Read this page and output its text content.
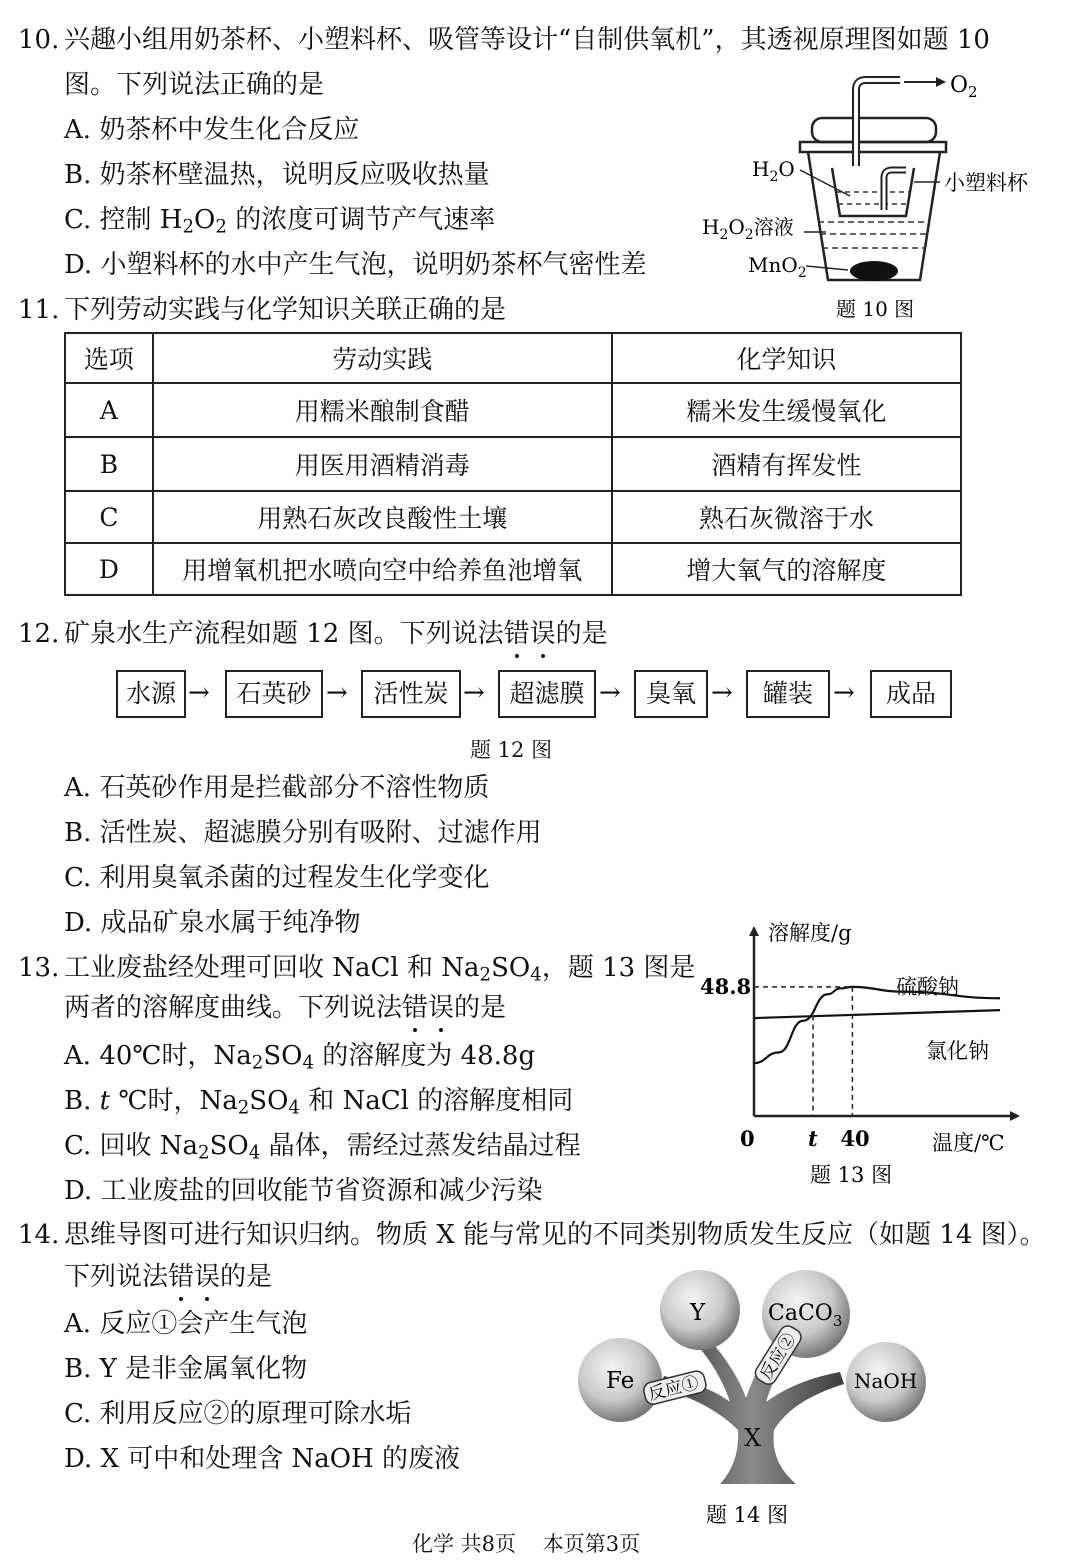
10. 兴趣小组用奶茶杯、小塑料杯、吸管等设计“自制供氧机”，其透视原理图如题 10
图。下列说法正确的是
A. 奶茶杯中发生化合反应
B. 奶茶杯壁温热，说明反应吸收热量
C. 控制 $H_2O_2$ 的浓度可调节产气速率
D. 小塑料杯的水中产生气泡，说明奶茶杯气密性差
$O_2$
$H_2O$
小塑料杯
$H_2O_2$溶液
MnO$_2$
题 10 图
11. 下列劳动实践与化学知识关联正确的是
选项	劳动实践	化学知识
A	用糯米酿制食醋	糯米发生缓慢氧化
B	用医用酒精消毒	酒精有挥发性
C	用熟石灰改良酸性土壤	熟石灰微溶于水
D	用增氧机把水喷向空中给养鱼池增氧	增大氧气的溶解度
12. 矿泉水生产流程如题 12 图。下列说法错误的是
水源 →	石英砂 →	活性炭 → 超滤膜 →	臭氧 →	罐装 →	成品
题 12 图
A. 石英砂作用是拦截部分不溶性物质
B. 活性炭、超滤膜分别有吸附、过滤作用
C. 利用臭氧杀菌的过程发生化学变化
D. 成品矿泉水属于纯净物
13. 工业废盐经处理可回收 NaCl 和 $Na_2SO_4$，题 13 图是
两者的溶解度曲线。下列说法错误的是
A. 40℃时，$Na_2SO_4$ 的溶解度为 48.8g
B. t ℃时，$Na_2SO_4$ 和 NaCl 的溶解度相同
C. 回收 $Na_2SO_4$ 晶体，需经过蒸发结晶过程
D. 工业废盐的回收能节省资源和减少污染
溶解度/g
温度/℃
0	t 40
48.8	硫酸钠
氯化钠
题 13 图
14. 思维导图可进行知识归纳。物质 X 能与常见的不同类别物质发生反应（如题 14 图）。
下列说法错误的是
A. 反应①会产生气泡
B. Y 是非金属氧化物
C. 利用反应②的原理可除水垢
D. X 可中和处理含 NaOH 的废液
Fe
Y	CaCO$_3$
NaOH
反应①
反应②
X
题 14 图
化学 共8页    本页第3页
